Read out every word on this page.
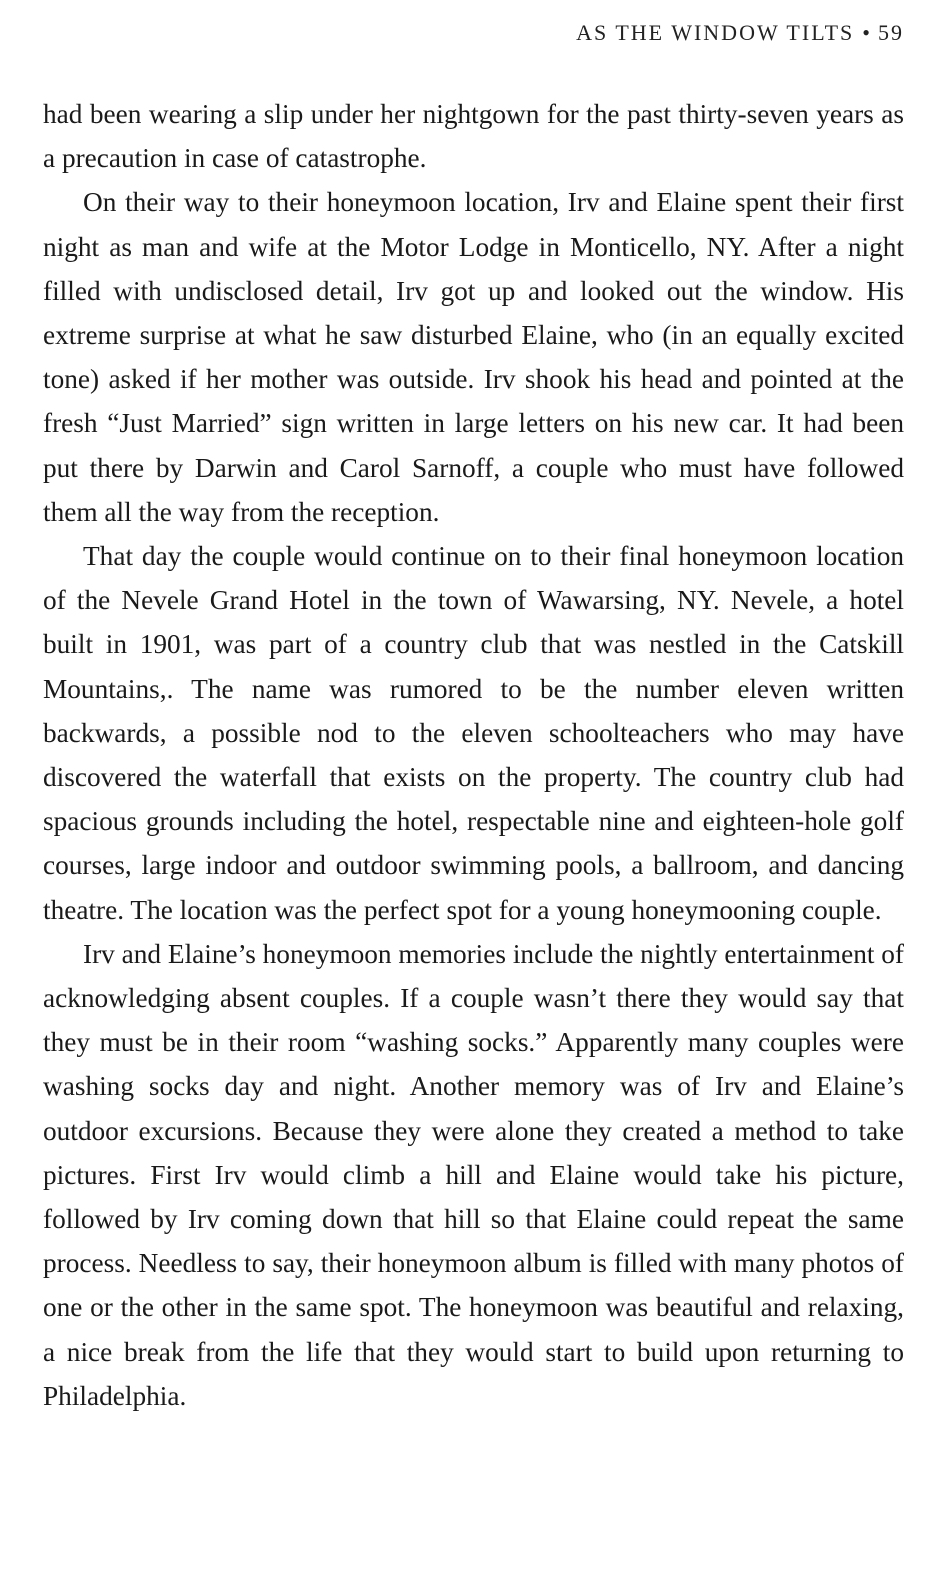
AS THE WINDOW TILTS • 59

had been wearing a slip under her nightgown for the past thirty-seven years as a precaution in case of catastrophe.

On their way to their honeymoon location, Irv and Elaine spent their first night as man and wife at the Motor Lodge in Monticello, NY. After a night filled with undisclosed detail, Irv got up and looked out the window. His extreme surprise at what he saw disturbed Elaine, who (in an equally excited tone) asked if her mother was outside. Irv shook his head and pointed at the fresh “Just Married” sign written in large letters on his new car. It had been put there by Darwin and Carol Sarnoff, a couple who must have followed them all the way from the reception.

That day the couple would continue on to their final honeymoon location of the Nevele Grand Hotel in the town of Wawarsing, NY. Nevele, a hotel built in 1901, was part of a country club that was nestled in the Catskill Mountains,. The name was rumored to be the number eleven written backwards, a possible nod to the eleven schoolteachers who may have discovered the waterfall that exists on the property. The country club had spacious grounds including the hotel, respectable nine and eighteen-hole golf courses, large indoor and outdoor swimming pools, a ballroom, and dancing theatre. The location was the perfect spot for a young honeymooning couple.

Irv and Elaine’s honeymoon memories include the nightly entertainment of acknowledging absent couples. If a couple wasn’t there they would say that they must be in their room “washing socks.” Apparently many couples were washing socks day and night. Another memory was of Irv and Elaine’s outdoor excursions. Because they were alone they created a method to take pictures. First Irv would climb a hill and Elaine would take his picture, followed by Irv coming down that hill so that Elaine could repeat the same process. Needless to say, their honeymoon album is filled with many photos of one or the other in the same spot. The honeymoon was beautiful and relaxing, a nice break from the life that they would start to build upon returning to Philadelphia.
